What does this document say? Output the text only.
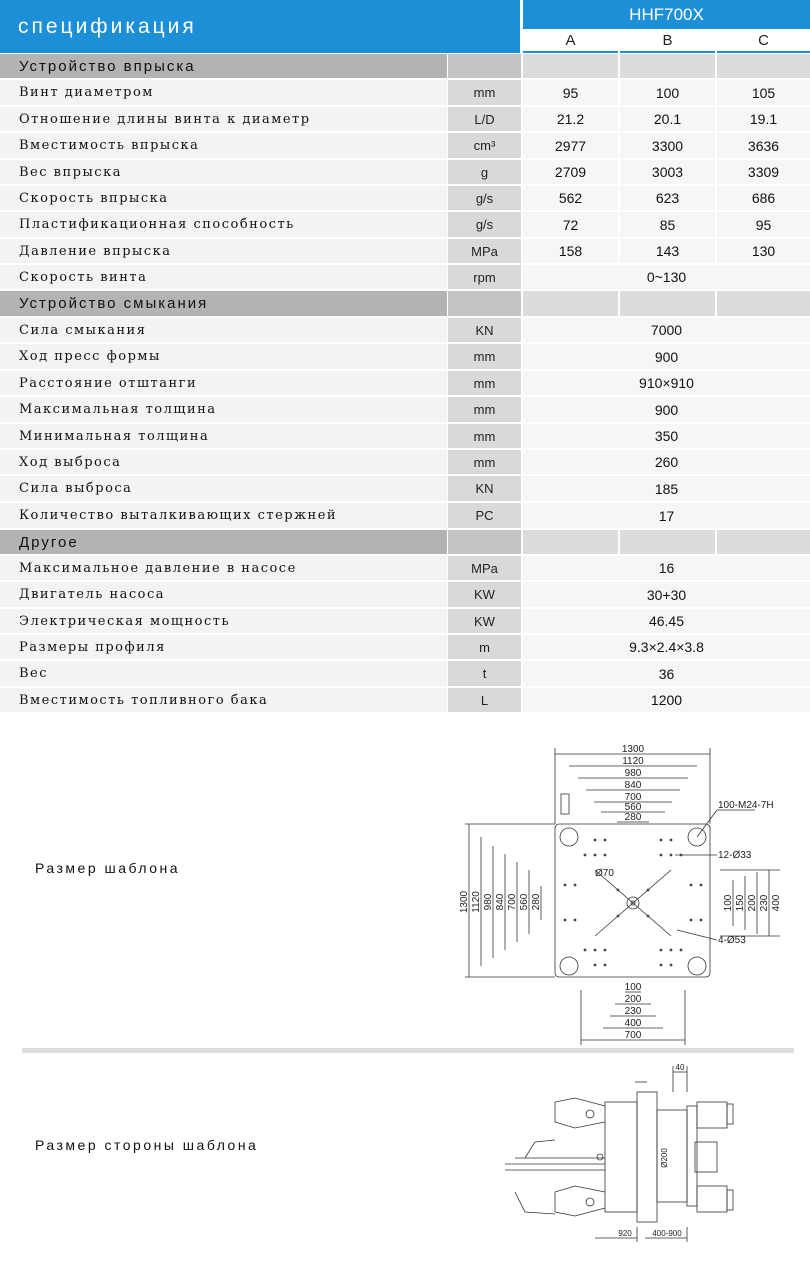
спецификация
HHF700X
A	B	C
Устройство впрыска
Винт диаметром	mm	95	100	105
Отношение длины винта к диаметр	L/D	21.2	20.1	19.1
Вместимость впрыска	cm³	2977	3300	3636
Вес впрыска	g	2709	3003	3309
Скорость впрыска	g/s	562	623	686
Пластификационная способность	g/s	72	85	95
Давление впрыска	MPa	158	143	130
Скорость винта	rpm	0~130
Устройство смыкания
Сила смыкания	KN	7000
Ход пресс формы	mm	900
Расстояние отштанги	mm	910×910
Максимальная толщина	mm	900
Минимальная толщина	mm	350
Ход выброса	mm	260
Сила выброса	KN	185
Количество выталкивающих стержней	PC	17
Другое
Максимальное давление в насосе	MPa	16
Двигатель насоса	KW	30+30
Электрическая мощность	KW	46.45
Размеры профиля	m	9.3×2.4×3.8
Вес	t	36
Вместимость топливного бака	L	1200
Размер шаблона
Размер стороны шаблона
1300
1120
980
840
700
560
280
1300 1120 980 840 700 560 280	100 150 200 230 400
100
200
230
400
700
100-M24-7H
12-Ø33
Ø70
4-Ø53
40
Ø200
920	400-900
